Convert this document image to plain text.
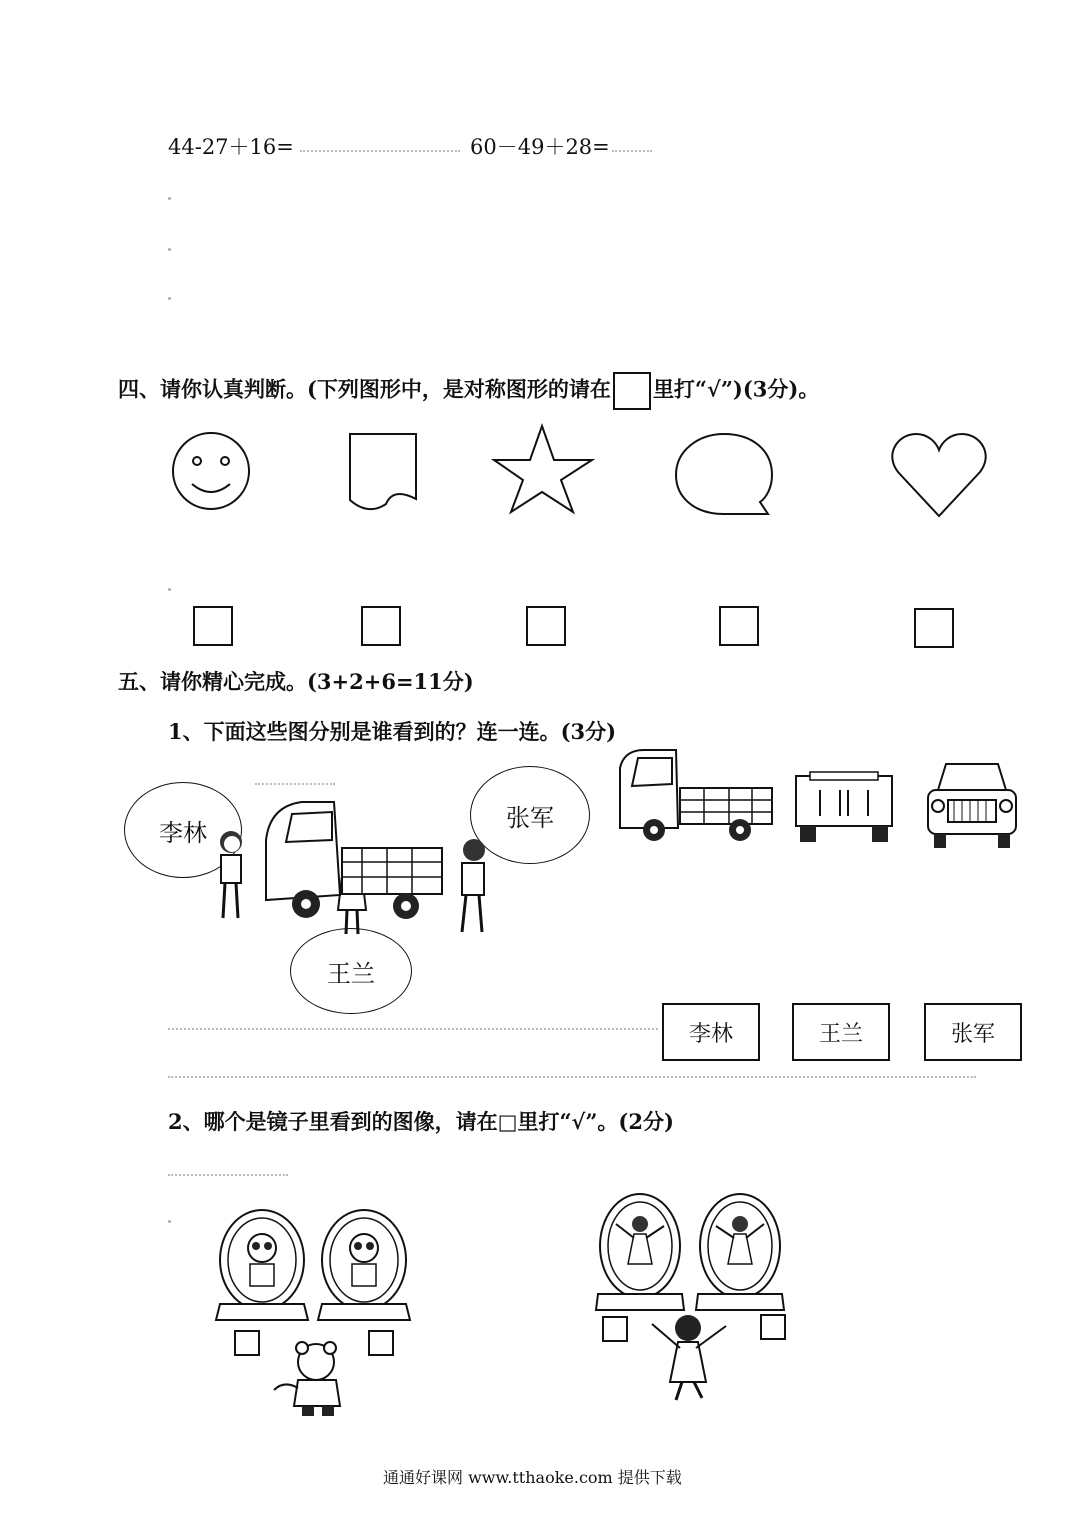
44-27＋16=	60－49＋28=
四、请你认真判断。(下列图形中，是对称图形的请在 里打“√”)(3分)。
五、请你精心完成。(3+2+6=11分)
1、下面这些图分别是谁看到的？连一连。(3分)
李林
张军
王兰
李林	王兰	张军
2、哪个是镜子里看到的图像，请在□里打“√”。(2分)
通通好课网 www.tthaoke.com 提供下载
